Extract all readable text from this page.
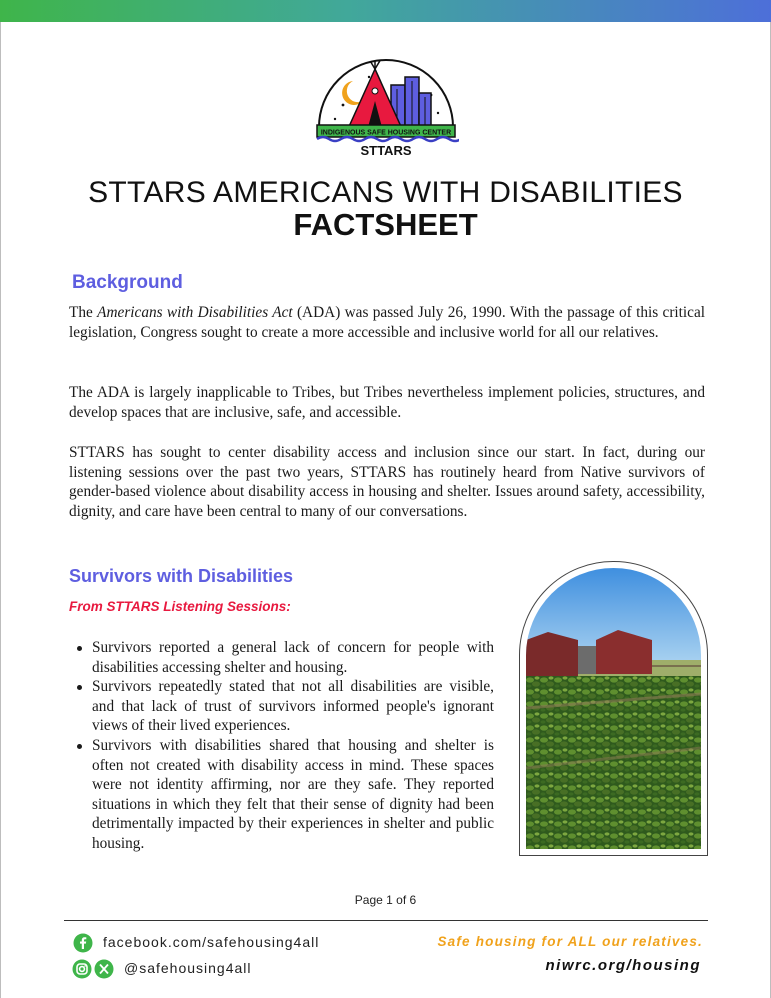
INDIGENOUS SAFE HOUSING CENTER
STTARS
STTARS AMERICANS WITH DISABILITIES
FACTSHEET
Background

The Americans with Disabilities Act (ADA) was passed July 26, 1990. With the passage of this critical legislation, Congress sought to create a more accessible and inclusive world for all our relatives.

The ADA is largely inapplicable to Tribes, but Tribes nevertheless implement policies, structures, and develop spaces that are inclusive, safe, and accessible.

STTARS has sought to center disability access and inclusion since our start. In fact, during our listening sessions over the past two years, STTARS has routinely heard from Native survivors of gender-based violence about disability access in housing and shelter. Issues around safety, accessibility, dignity, and care have been central to many of our conversations.

Survivors with Disabilities
From STTARS Listening Sessions:
Survivors reported a general lack of concern for people with disabilities accessing shelter and housing.
Survivors repeatedly stated that not all disabilities are visible, and that lack of trust of survivors informed people's ignorant views of their lived experiences.
Survivors with disabilities shared that housing and shelter is often not created with disability access in mind. These spaces were not identity affirming, nor are they safe. They reported situations in which they felt that their sense of dignity had been detrimentally impacted by their experiences in shelter and public housing.
Page 1 of 6
facebook.com/safehousing4all
@safehousing4all
Safe housing for ALL our relatives.
niwrc.org/housing
